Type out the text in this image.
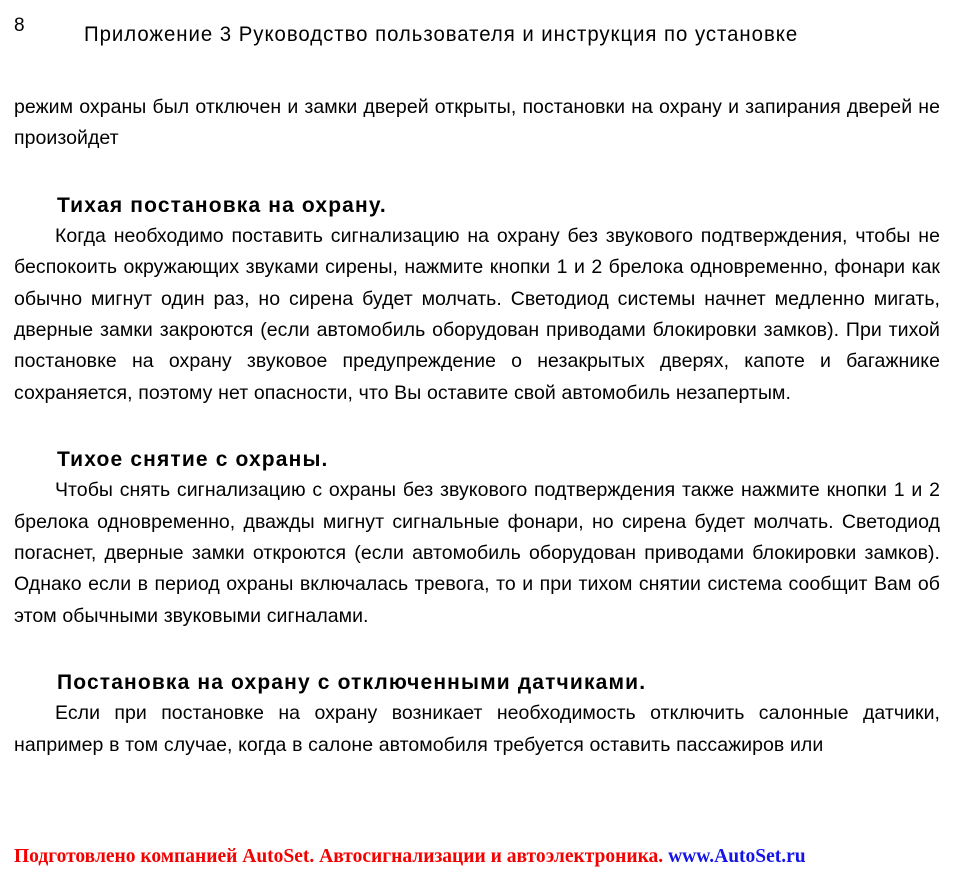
8	Приложение 3 Руководство пользователя и инструкция по установке

режим охраны был отключен и замки дверей открыты, постановки на охрану и запирания дверей не произойдет

Тихая постановка на охрану.

Когда необходимо поставить сигнализацию на охрану без звукового подтверждения, чтобы не беспокоить окружающих звуками сирены, нажмите кнопки 1 и 2 брелока одновременно, фонари как обычно мигнут один раз, но сирена будет молчать. Светодиод системы начнет медленно мигать, дверные замки закроются (если автомобиль оборудован приводами блокировки замков). При тихой постановке на охрану звуковое предупреждение о незакрытых дверях, капоте и багажнике сохраняется, поэтому нет опасности, что Вы оставите свой автомобиль незапертым.

Тихое снятие с охраны.

Чтобы снять сигнализацию с охраны без звукового подтверждения также нажмите кнопки 1 и 2 брелока одновременно, дважды мигнут сигнальные фонари, но сирена будет молчать. Светодиод погаснет, дверные замки откроются (если автомобиль оборудован приводами блокировки замков). Однако если в период охраны включалась тревога, то и при тихом снятии система сообщит Вам об этом обычными звуковыми сигналами.

Постановка на охрану с отключенными датчиками.

Если при постановке на охрану возникает необходимость отключить салонные датчики, например в том случае, когда в салоне автомобиля требуется оставить пассажиров или

Подготовлено компанией AutoSet. Автосигнализации и автоэлектроника. www.AutoSet.ru
